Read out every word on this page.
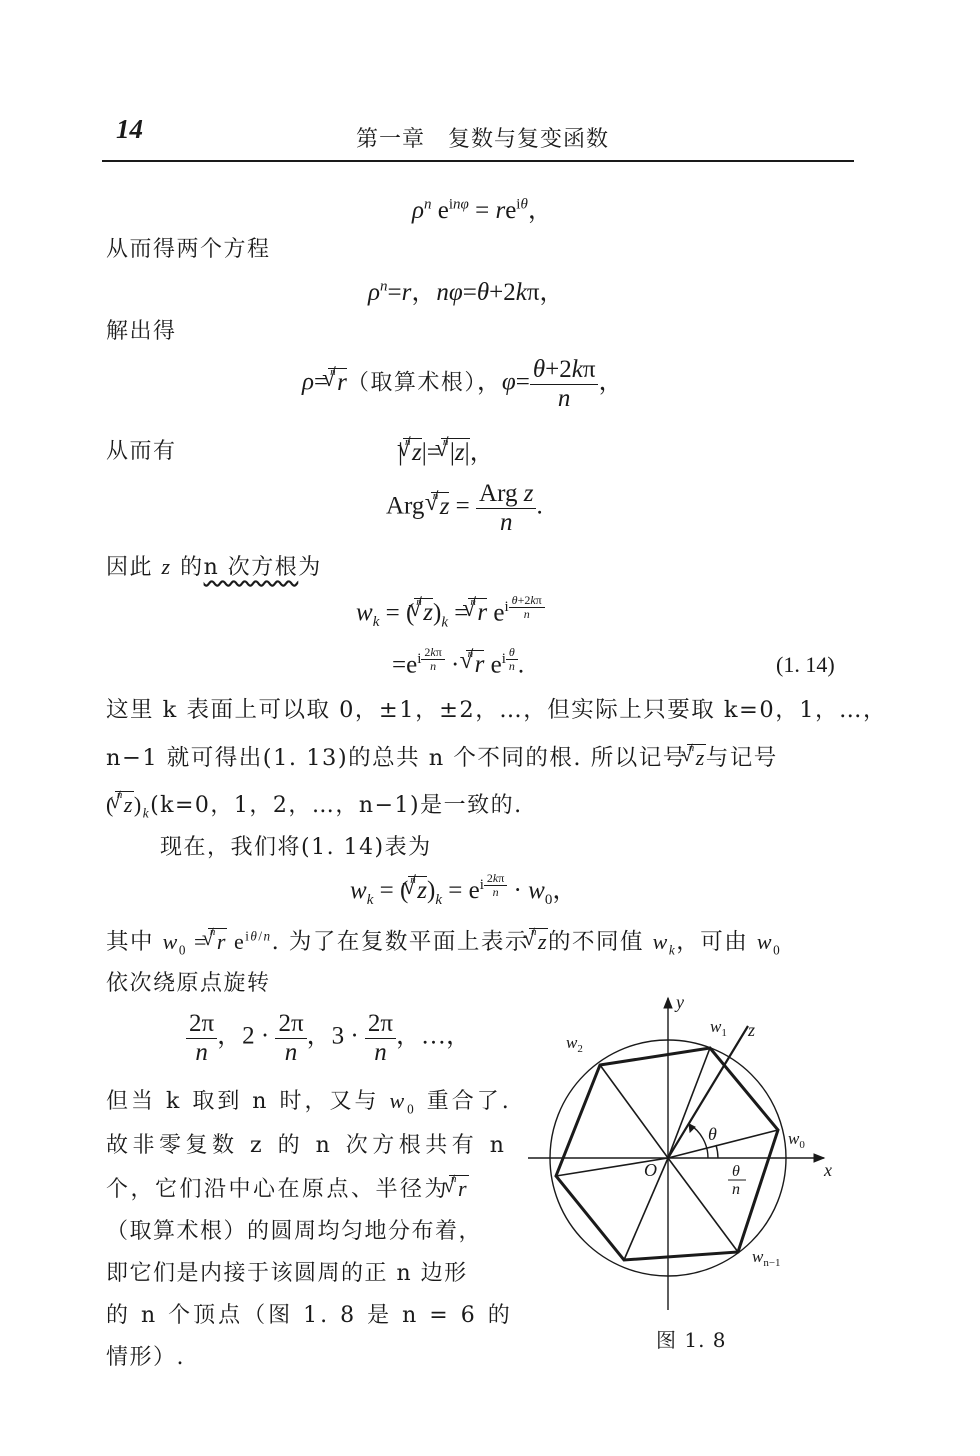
14	第一章　复数与复变函数
$\rho^n$ $e^{in\varphi} = re^{i\theta}$，
从而得两个方程
$\rho^n=r$，nφ=θ+2kπ，
解出得
ρ= n √ r（取算术根），$\varphi= \frac{\theta+2k\pi}{n}$ ，
从而有	| n √ z|= n √ |z|，
Arg n √ $z = \frac{\text{Arg z}}{n}$ .
因此 z 的n 次方根为
$w_k$ = ( n √ $z)_k = n$ √ r $e^{i \frac{\theta+2k\pi}{n}}$
$=e^{i \frac{2k\pi}{n}} \cdot n$ √ r $e^{i \frac{\theta}{n}}$ .	(1. 14)
这里 k 表面上可以取 0，±1，±2，…，但实际上只要取 k=0，1，…，
n−1 就可得出(1. 13)的总共 n 个不同的根. 所以记号 n √ z与记号
( n √ $z)_k(k=0$，1，2，…，n−1)是一致的.
现在，我们将(1. 14)表为
$w_k$ = ( n √ $z)_k = e^{i \frac{2k\pi}{n}} \cdot w_0$，
其中 $w_0 = n$ √ r $e^{i\theta/n}$. 为了在复数平面上表示 n √ z的不同值 $w_k$，可由 $w_0$
依次绕原点旋转
$\frac{2\pi}{n}$ ，$2 \cdot \frac{2\pi}{n}$ ，$3 \cdot \frac{2\pi}{n}$ ，…，
但当 k 取到 n 时，又与 $w_0$ 重合了.
故非零复数 z 的 n 次方根共有 n
个，它们沿中心在原点、半径为 n √ r
（取算术根）的圆周均匀地分布着，
即它们是内接于该圆周的正 n 边形
的 n 个顶点（图 1. 8 是 n = 6 的
情形）.
y
x
z
O
θ
θ
n
$w_1$
$w_2$
$w_0$
$w_{n-1}$
图 1. 8
